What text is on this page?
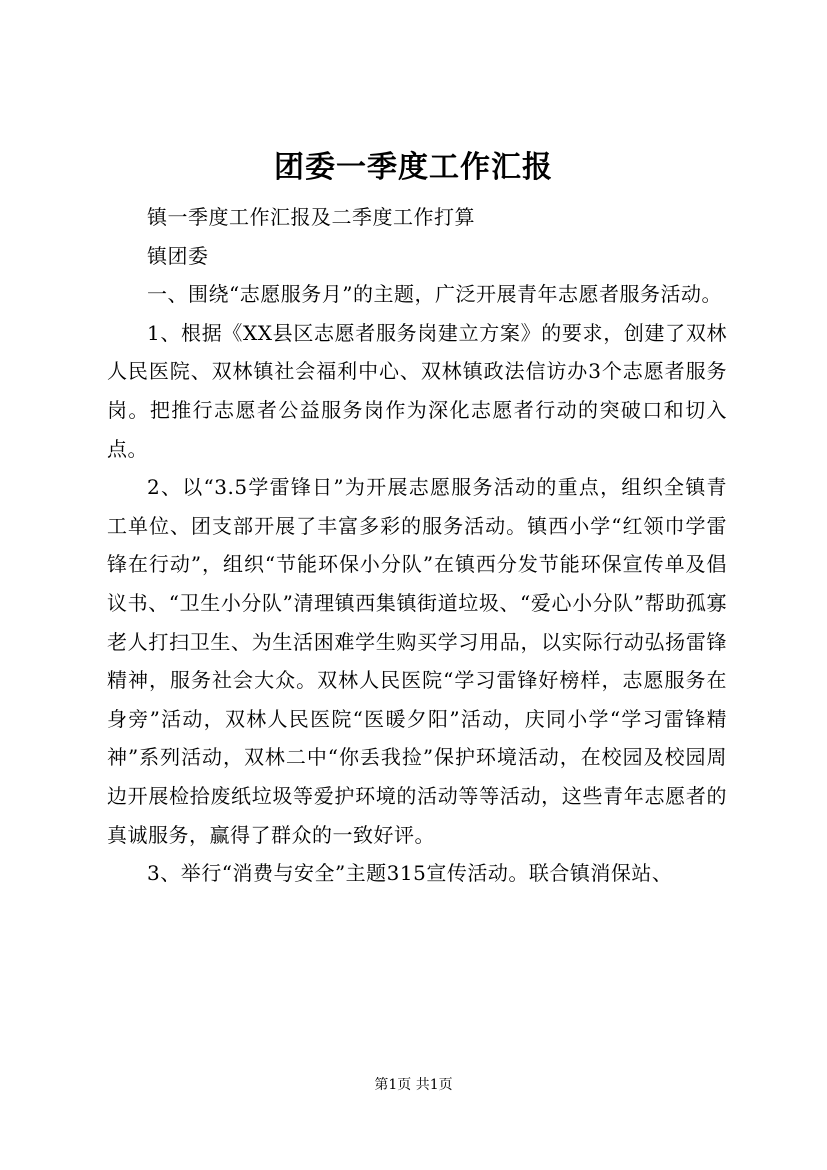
团委一季度工作汇报

镇一季度工作汇报及二季度工作打算

镇团委

一、围绕“志愿服务月”的主题，广泛开展青年志愿者服务活动。

1、根据《XX县区志愿者服务岗建立方案》的要求，创建了双林人民医院、双林镇社会福利中心、双林镇政法信访办3个志愿者服务岗。把推行志愿者公益服务岗作为深化志愿者行动的突破口和切入点。

2、以“3.5学雷锋日”为开展志愿服务活动的重点，组织全镇青工单位、团支部开展了丰富多彩的服务活动。镇西小学“红领巾学雷锋在行动”，组织“节能环保小分队”在镇西分发节能环保宣传单及倡议书、“卫生小分队”清理镇西集镇街道垃圾、“爱心小分队”帮助孤寡老人打扫卫生、为生活困难学生购买学习用品，以实际行动弘扬雷锋精神，服务社会大众。双林人民医院“学习雷锋好榜样，志愿服务在身旁”活动，双林人民医院“医暖夕阳”活动，庆同小学“学习雷锋精神”系列活动，双林二中“你丢我捡”保护环境活动，在校园及校园周边开展检拾废纸垃圾等爱护环境的活动等等活动，这些青年志愿者的真诚服务，赢得了群众的一致好评。

3、举行“消费与安全”主题315宣传活动。联合镇消保站、

第1页 共1页
